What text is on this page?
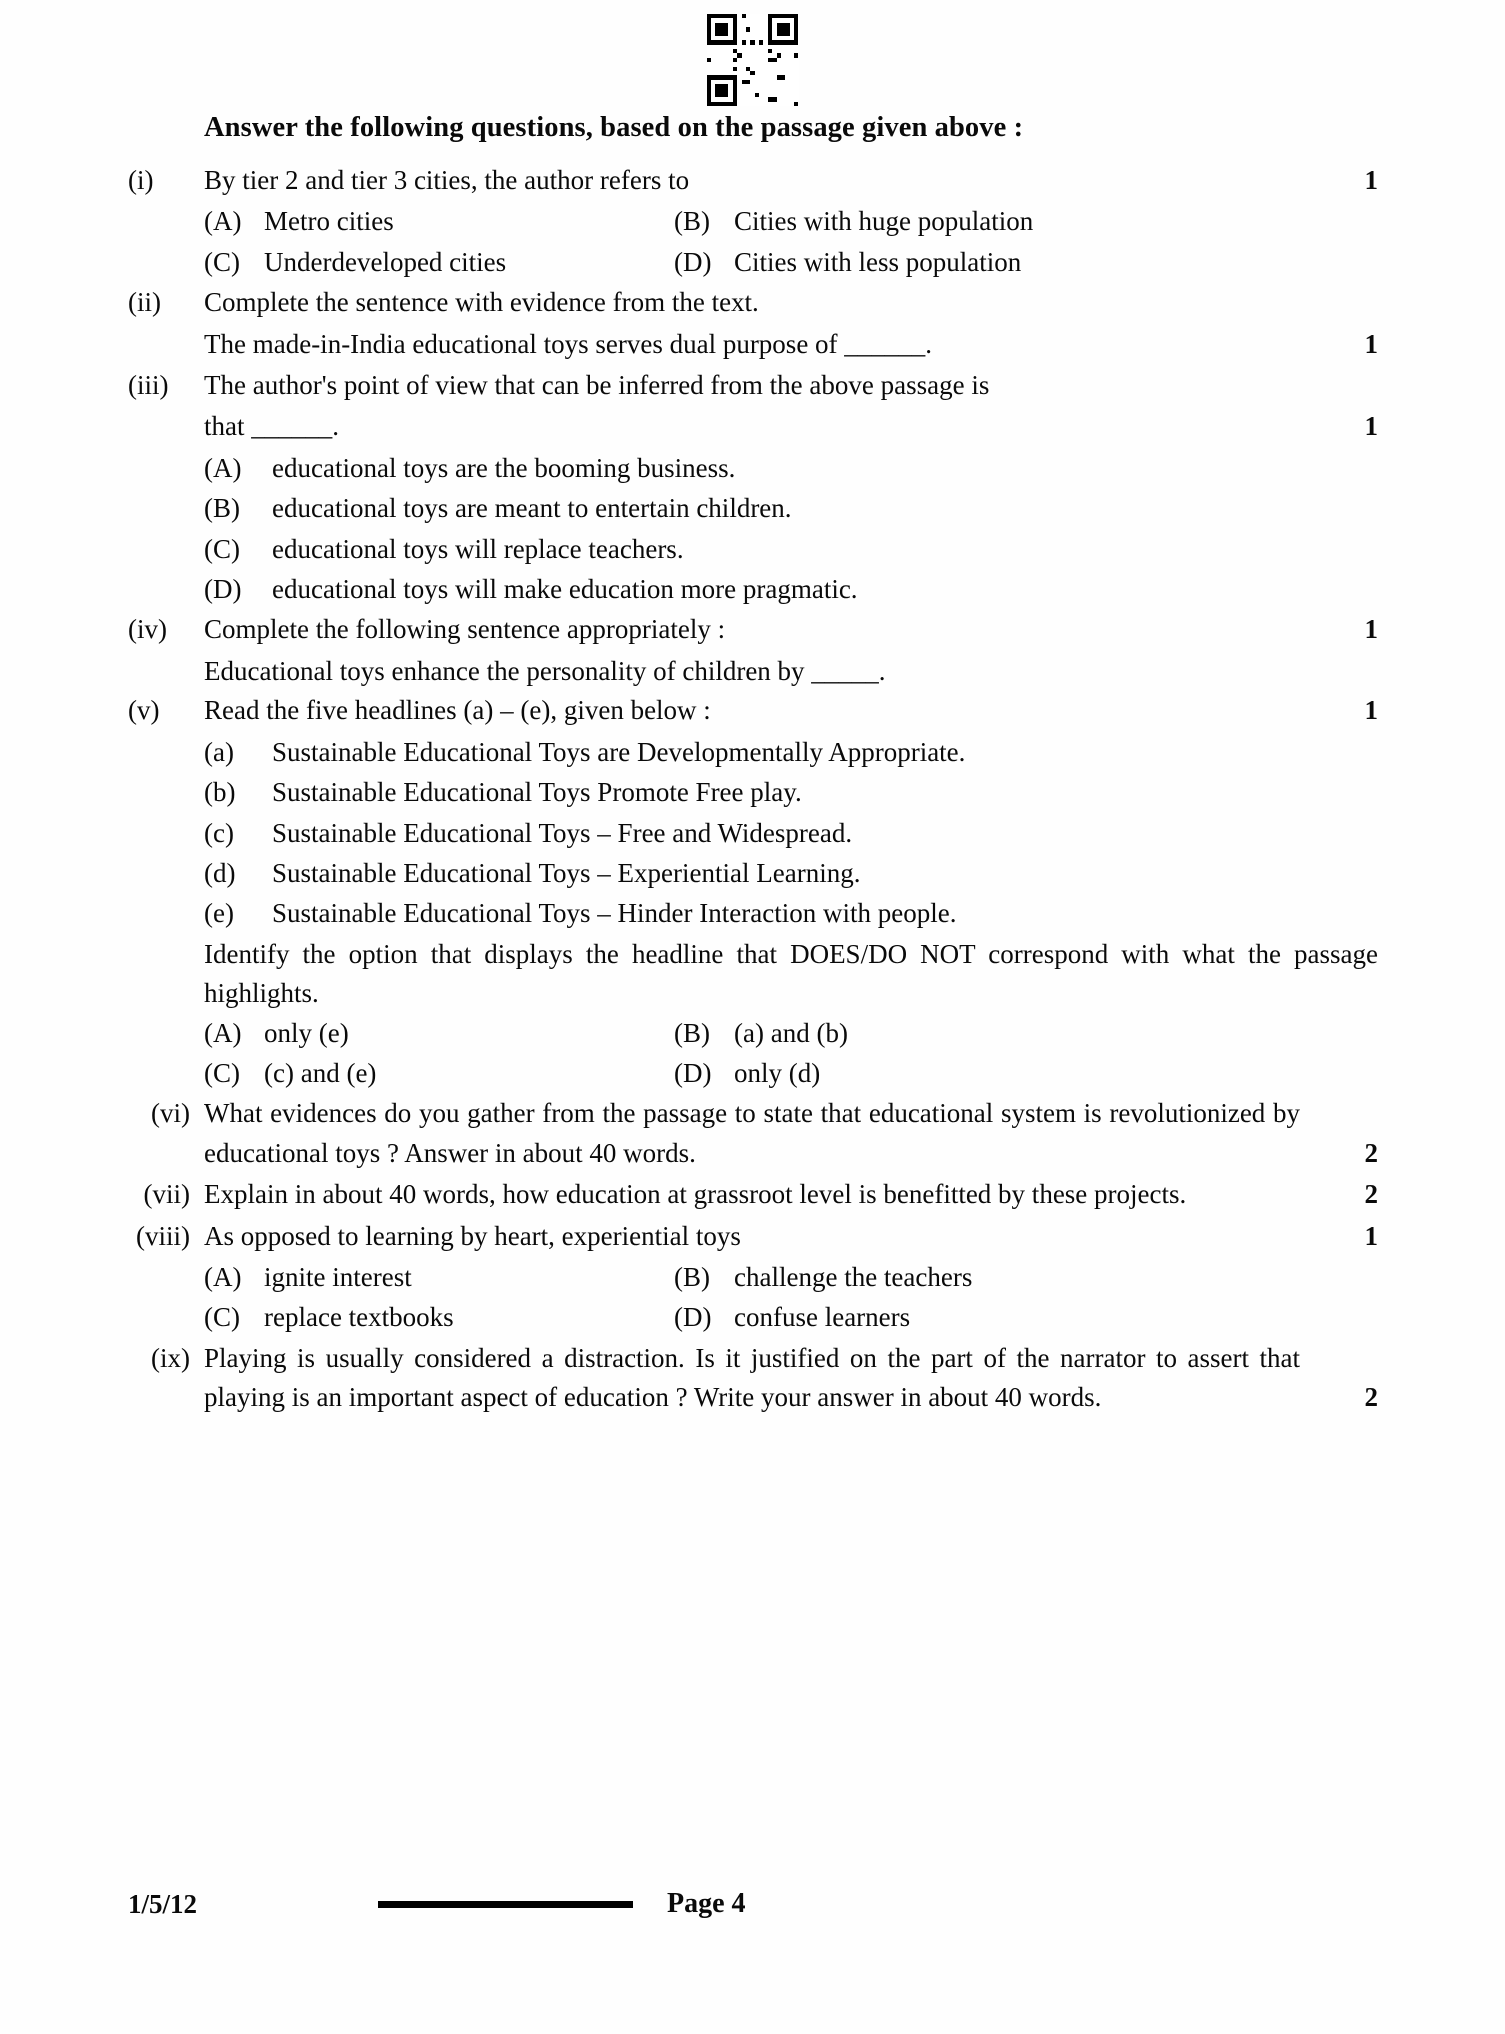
Answer the following questions, based on the passage given above :
(i)	By tier 2 and tier 3 cities, the author refers to	1
(A) Metro cities	(B) Cities with huge population
(C) Underdeveloped cities	(D) Cities with less population
(ii)	Complete the sentence with evidence from the text.
The made-in-India educational toys serves dual purpose of ______.	1
(iii)	The author's point of view that can be inferred from the above passage is
that ______.	1
(A)	educational toys are the booming business.
(B)	educational toys are meant to entertain children.
(C)	educational toys will replace teachers.
(D)	educational toys will make education more pragmatic.
(iv)	Complete the following sentence appropriately :	1
Educational toys enhance the personality of children by _____.
(v)	Read the five headlines (a) – (e), given below :	1
(a)	Sustainable Educational Toys are Developmentally Appropriate.
(b)	Sustainable Educational Toys Promote Free play.
(c)	Sustainable Educational Toys – Free and Widespread.
(d)	Sustainable Educational Toys – Experiential Learning.
(e)	Sustainable Educational Toys – Hinder Interaction with people.
Identify the option that displays the headline that DOES/DO NOT correspond with what the passage highlights.
(A) only (e)	(B) (a) and (b)
(C) (c) and (e)	(D) only (d)
(vi) What evidences do you gather from the passage to state that educational system is revolutionized by educational toys ? Answer in about 40 words.	2
(vii) Explain in about 40 words, how education at grassroot level is benefitted by these projects.	2
(viii) As opposed to learning by heart, experiential toys	1
(A) ignite interest	(B) challenge the teachers
(C) replace textbooks	(D) confuse learners
(ix) Playing is usually considered a distraction. Is it justified on the part of the narrator to assert that playing is an important aspect of education ? Write your answer in about 40 words.	2
1/5/12	Page 4
